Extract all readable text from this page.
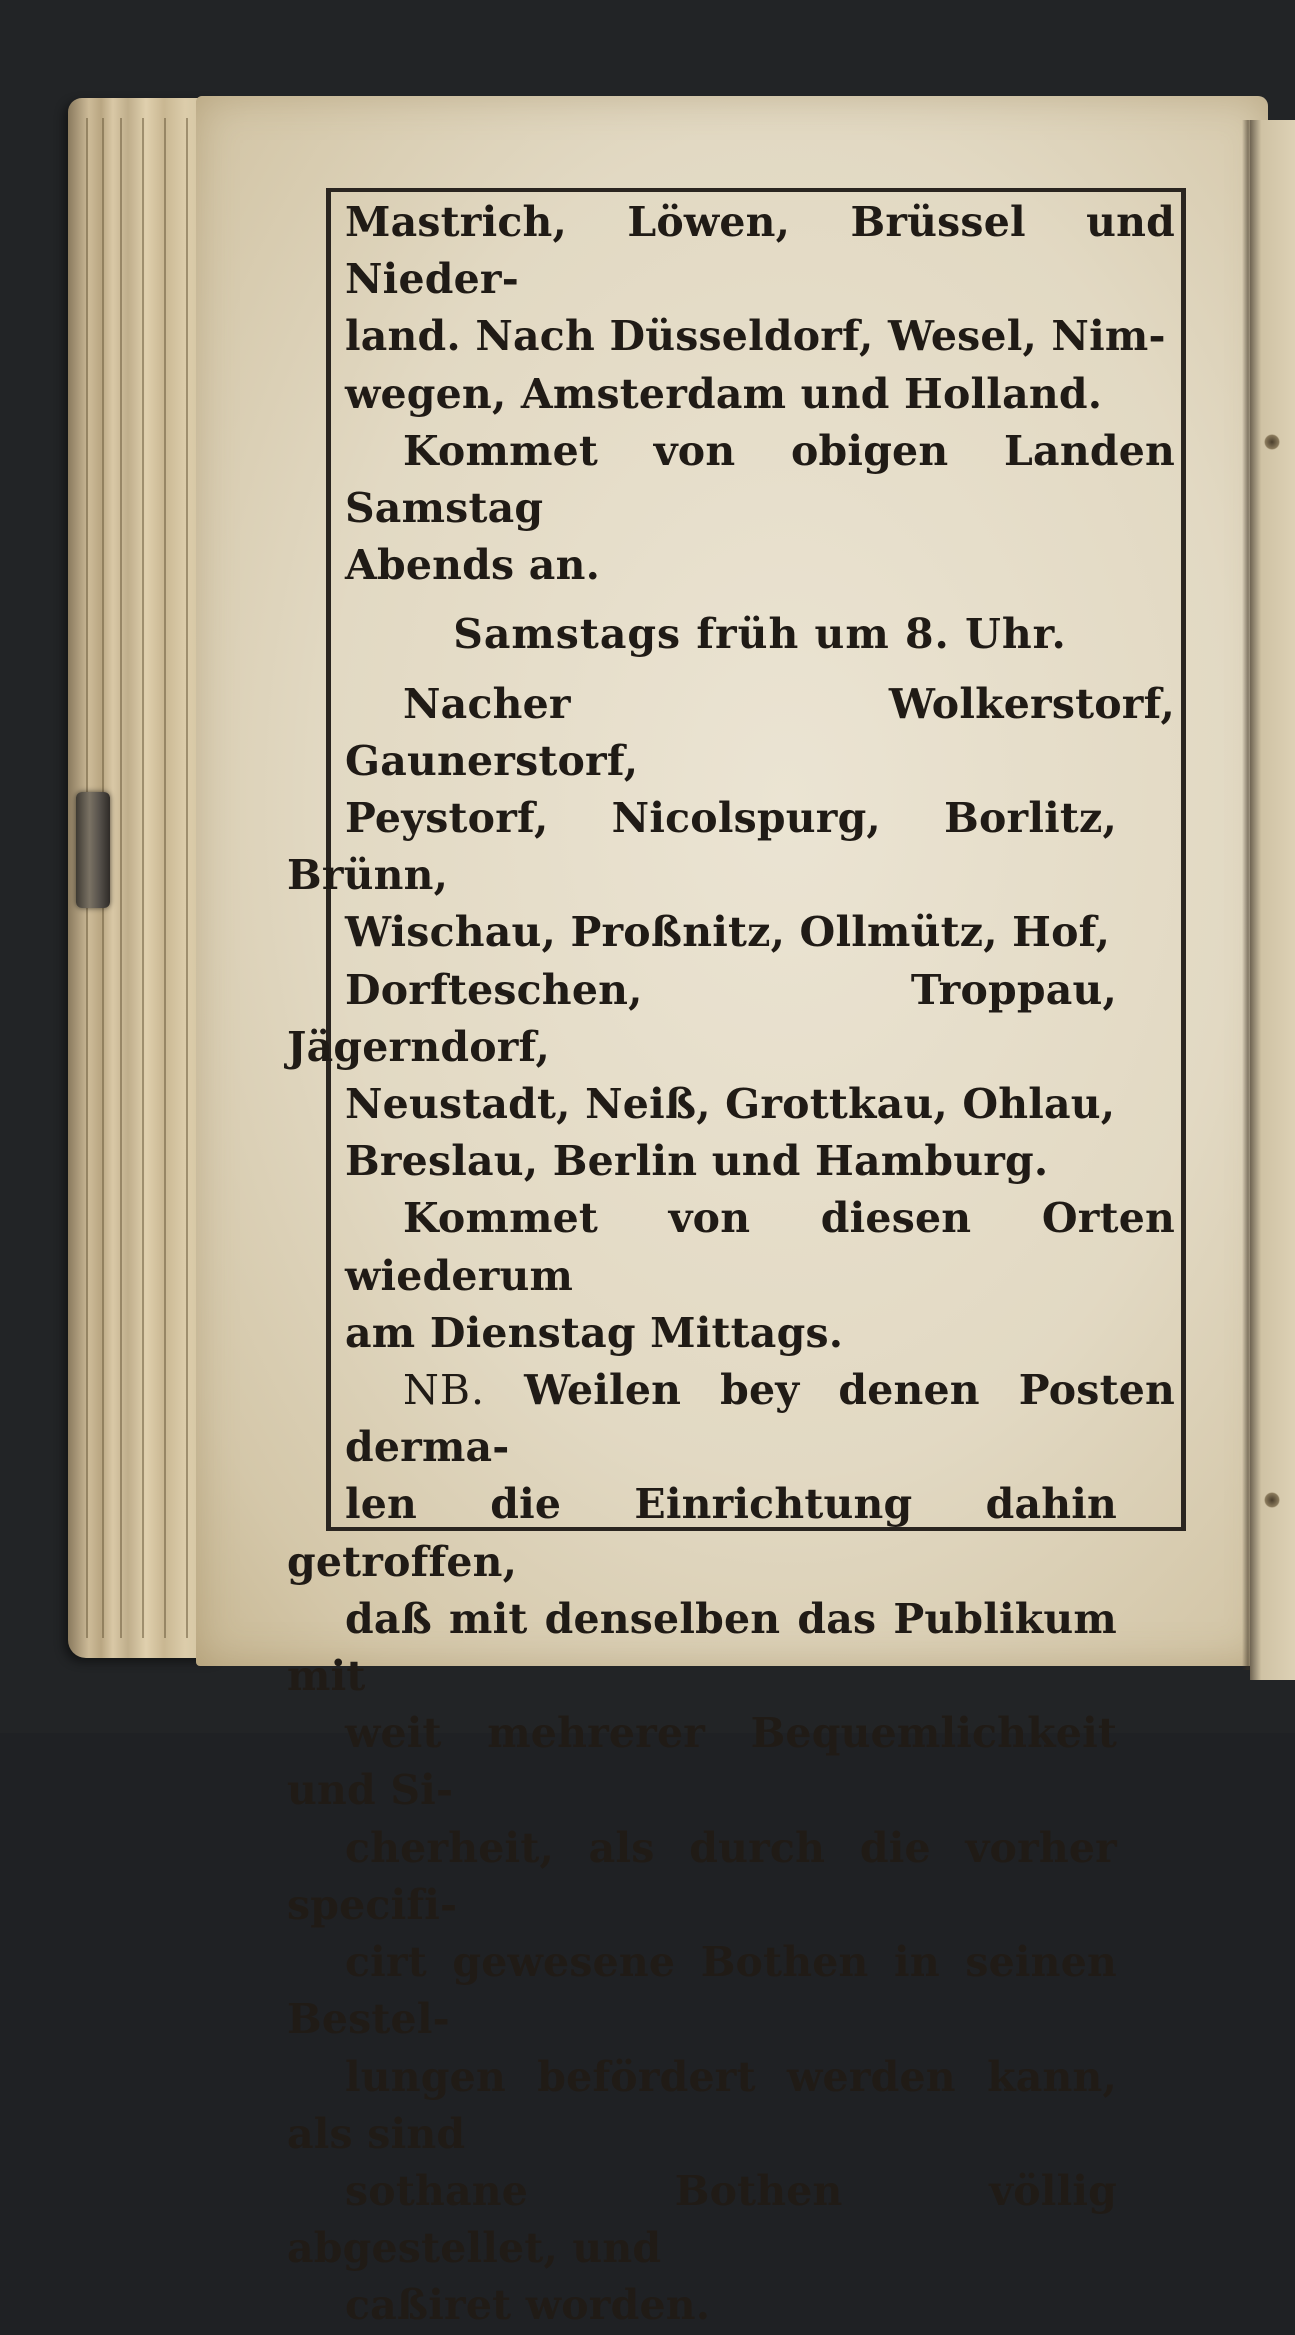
Mastrich, Löwen, Brüssel und Nieder-
land. Nach Düsseldorf, Wesel, Nim-
wegen, Amsterdam und Holland.

Kommet von obigen Landen Samstag
Abends an.

Samstags früh um 8. Uhr.

Nacher Wolkerstorf, Gaunerstorf,
Peystorf, Nicolspurg, Borlitz, Brünn,
Wischau, Proßnitz, Ollmütz, Hof,
Dorfteschen, Troppau, Jägerndorf,
Neustadt, Neiß, Grottkau, Ohlau,
Breslau, Berlin und Hamburg.

Kommet von diesen Orten wiederum
am Dienstag Mittags.

NB. Weilen bey denen Posten derma-
len die Einrichtung dahin getroffen,
daß mit denselben das Publikum mit
weit mehrerer Bequemlichkeit und Si-
cherheit, als durch die vorher specifi-
cirt gewesene Bothen in seinen Bestel-
lungen befördert werden kann, als sind
sothane Bothen völlig abgestellet, und
caßiret worden.
